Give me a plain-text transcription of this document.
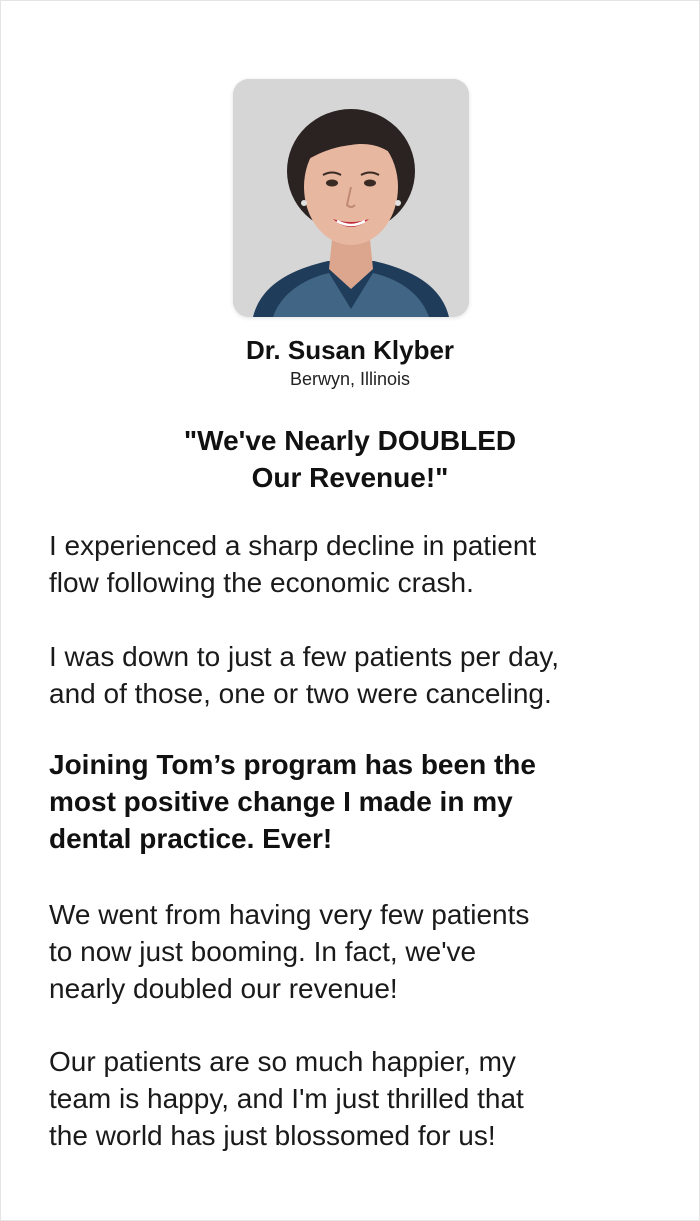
Dr. Susan Klyber
Berwyn, Illinois
"We've Nearly DOUBLED
Our Revenue!"
I experienced a sharp decline in patient
flow following the economic crash.
I was down to just a few patients per day,
and of those, one or two were canceling.
Joining Tom’s program has been the
most positive change I made in my
dental practice. Ever!
We went from having very few patients
to now just booming. In fact, we've
nearly doubled our revenue!
Our patients are so much happier, my
team is happy, and I'm just thrilled that
the world has just blossomed for us!
